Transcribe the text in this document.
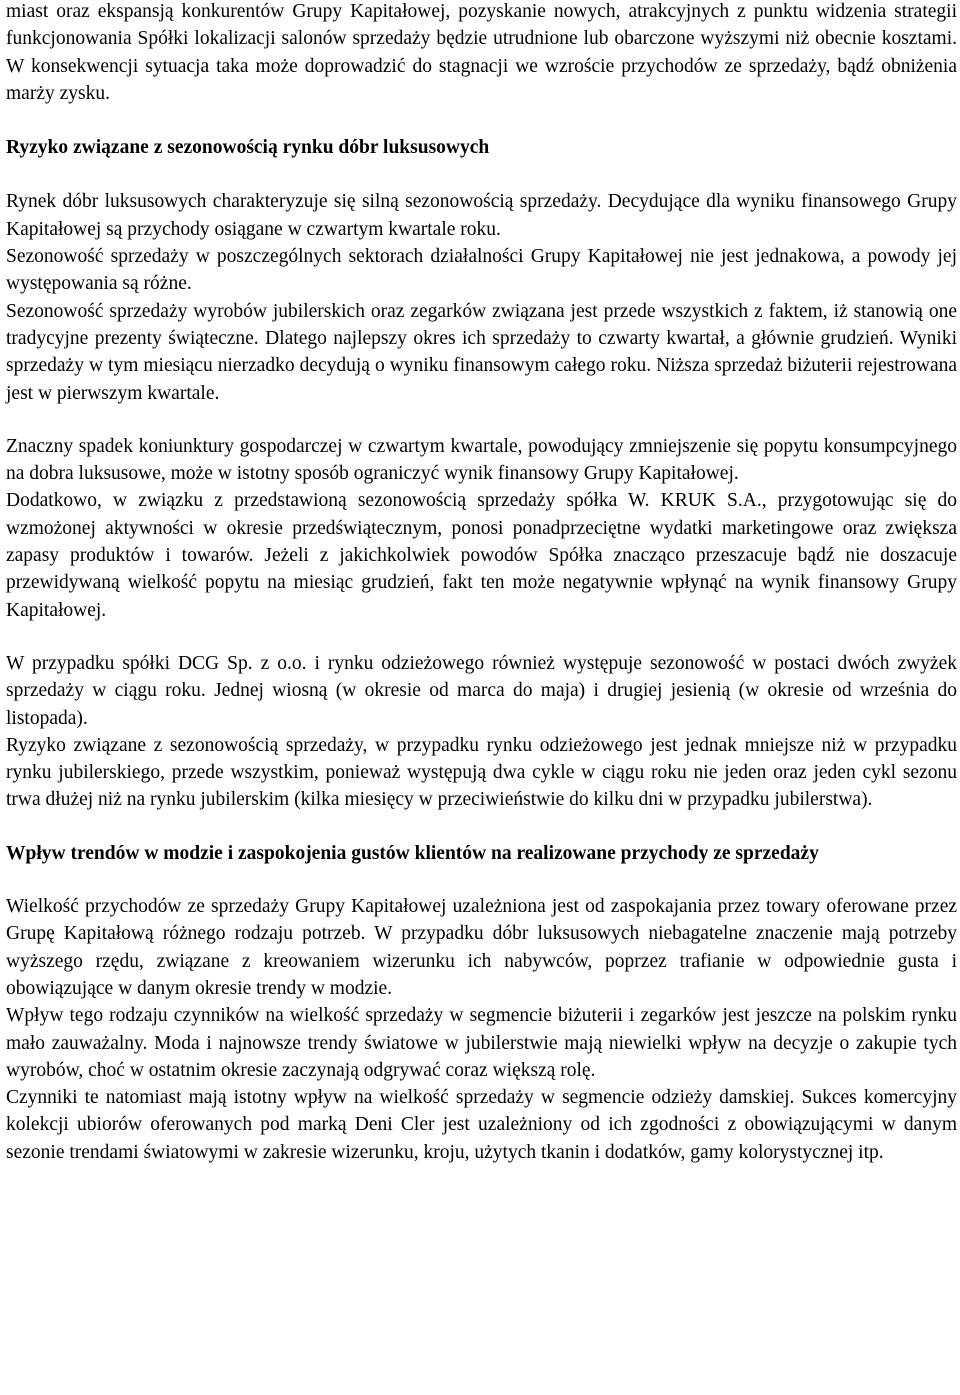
miast oraz ekspansją konkurentów Grupy Kapitałowej, pozyskanie nowych, atrakcyjnych z punktu widzenia strategii funkcjonowania Spółki lokalizacji salonów sprzedaży będzie utrudnione lub obarczone wyższymi niż obecnie kosztami. W konsekwencji sytuacja taka może doprowadzić do stagnacji we wzroście przychodów ze sprzedaży, bądź obniżenia marży zysku.

Ryzyko związane z sezonowością rynku dóbr luksusowych

Rynek dóbr luksusowych charakteryzuje się silną sezonowością sprzedaży. Decydujące dla wyniku finansowego Grupy Kapitałowej są przychody osiągane w czwartym kwartale roku.

Sezonowość sprzedaży w poszczególnych sektorach działalności Grupy Kapitałowej nie jest jednakowa, a powody jej występowania są różne.

Sezonowość sprzedaży wyrobów jubilerskich oraz zegarków związana jest przede wszystkich z faktem, iż stanowią one tradycyjne prezenty świąteczne. Dlatego najlepszy okres ich sprzedaży to czwarty kwartał, a głównie grudzień. Wyniki sprzedaży w tym miesiącu nierzadko decydują o wyniku finansowym całego roku. Niższa sprzedaż biżuterii rejestrowana jest w pierwszym kwartale.

Znaczny spadek koniunktury gospodarczej w czwartym kwartale, powodujący zmniejszenie się popytu konsumpcyjnego na dobra luksusowe, może w istotny sposób ograniczyć wynik finansowy Grupy Kapitałowej.

Dodatkowo, w związku z przedstawioną sezonowością sprzedaży spółka W. KRUK S.A., przygotowując się do wzmożonej aktywności w okresie przedświątecznym, ponosi ponadprzeciętne wydatki marketingowe oraz zwiększa zapasy produktów i towarów. Jeżeli z jakichkolwiek powodów Spółka znacząco przeszacuje bądź nie doszacuje przewidywaną wielkość popytu na miesiąc grudzień, fakt ten może negatywnie wpłynąć na wynik finansowy Grupy Kapitałowej.

W przypadku spółki DCG Sp. z o.o. i rynku odzieżowego również występuje sezonowość w postaci dwóch zwyżek sprzedaży w ciągu roku. Jednej wiosną (w okresie od marca do maja) i drugiej jesienią (w okresie od września do listopada).

Ryzyko związane z sezonowością sprzedaży, w przypadku rynku odzieżowego jest jednak mniejsze niż w przypadku rynku jubilerskiego, przede wszystkim, ponieważ występują dwa cykle w ciągu roku nie jeden oraz jeden cykl sezonu trwa dłużej niż na rynku jubilerskim (kilka miesięcy w przeciwieństwie do kilku dni w przypadku jubilerstwa).

Wpływ trendów w modzie i zaspokojenia gustów klientów na realizowane przychody ze sprzedaży

Wielkość przychodów ze sprzedaży Grupy Kapitałowej uzależniona jest od zaspokajania przez towary oferowane przez Grupę Kapitałową różnego rodzaju potrzeb. W przypadku dóbr luksusowych niebagatelne znaczenie mają potrzeby wyższego rzędu, związane z kreowaniem wizerunku ich nabywców, poprzez trafianie w odpowiednie gusta i obowiązujące w danym okresie trendy w modzie.

Wpływ tego rodzaju czynników na wielkość sprzedaży w segmencie biżuterii i zegarków jest jeszcze na polskim rynku mało zauważalny. Moda i najnowsze trendy światowe w jubilerstwie mają niewielki wpływ na decyzje o zakupie tych wyrobów, choć w ostatnim okresie zaczynają odgrywać coraz większą rolę.

Czynniki te natomiast mają istotny wpływ na wielkość sprzedaży w segmencie odzieży damskiej. Sukces komercyjny kolekcji ubiorów oferowanych pod marką Deni Cler jest uzależniony od ich zgodności z obowiązującymi w danym sezonie trendami światowymi w zakresie wizerunku, kroju, użytych tkanin i dodatków, gamy kolorystycznej itp.
